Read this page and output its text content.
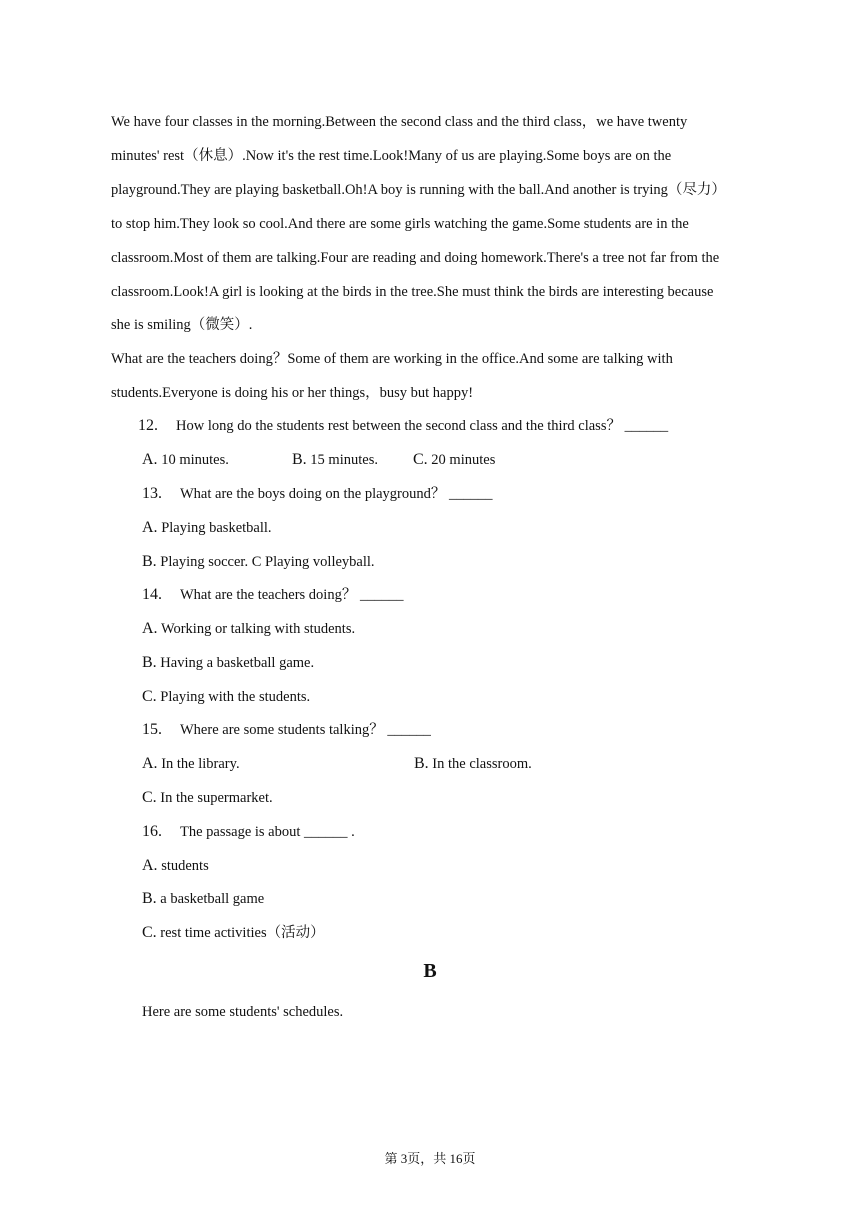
We have four classes in the morning.Between the second class and the third class，we have twenty
minutes' rest（休息）.Now it's the rest time.Look!Many of us are playing.Some boys are on the
playground.They are playing basketball.Oh!A boy is running with the ball.And another is trying（尽力）
to stop him.They look so cool.And there are some girls watching the game.Some students are in the
classroom.Most of them are talking.Four are reading and doing homework.There's a tree not far from the
classroom.Look!A girl is looking at the birds in the tree.She must think the birds are interesting because
she is smiling（微笑）.
What are the teachers doing？Some of them are working in the office.And some are talking with
students.Everyone is doing his or her things，busy but happy!
12. How long do the students rest between the second class and the third class？ ______
A. 10 minutes.	B. 15 minutes. C. 20 minutes
13. What are the boys doing on the playground？ ______
A. Playing basketball.
B. Playing soccer. C Playing volleyball.
14. What are the teachers doing？ ______
A. Working or talking with students.
B. Having a basketball game.
C. Playing with the students.
15. Where are some students talking？ ______
A. In the library.	B. In the classroom.
C. In the supermarket.
16. The passage is about ______ .
A. students
B. a basketball game
C. rest time activities（活动）
B
Here are some students' schedules.
第 3页，共 16页
